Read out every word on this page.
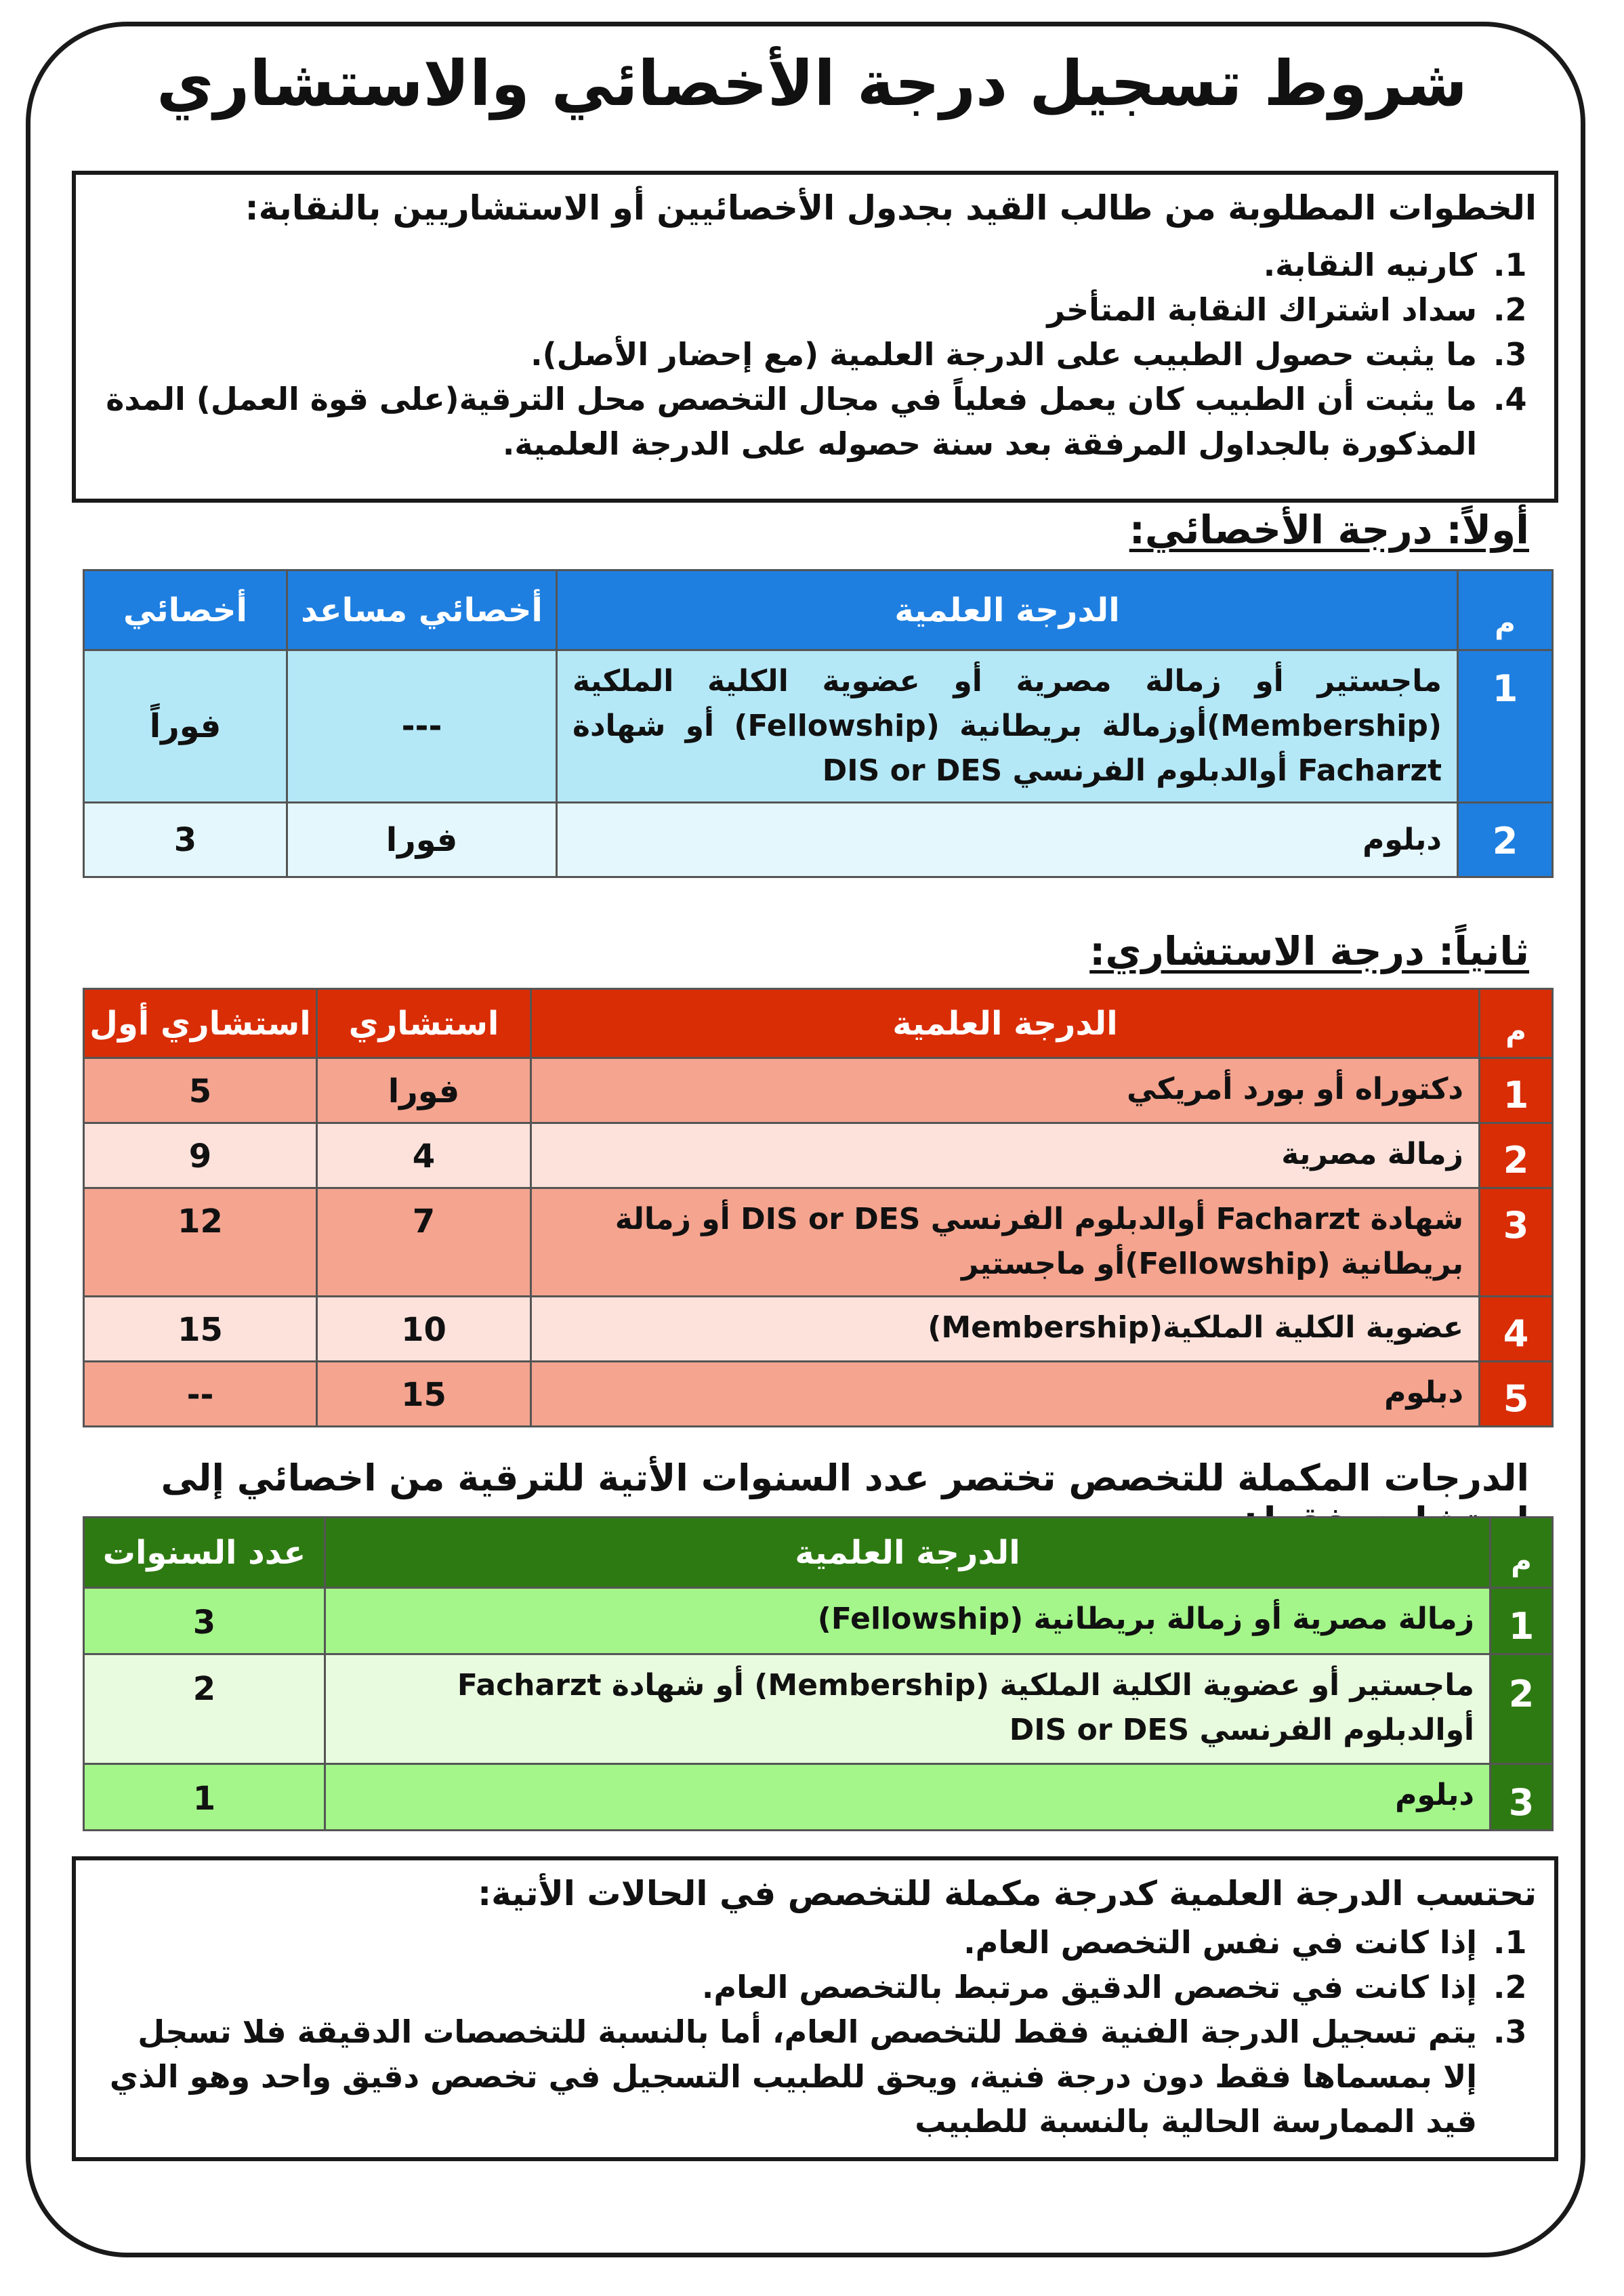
شروط تسجيل درجة الأخصائي والاستشاري
الخطوات المطلوبة من طالب القيد بجدول الأخصائيين أو الاستشاريين بالنقابة:
1. كارنيه النقابة.
2. سداد اشتراك النقابة المتأخر
3. ما يثبت حصول الطبيب على الدرجة العلمية (مع إحضار الأصل).
4. ما يثبت أن الطبيب كان يعمل فعلياً في مجال التخصص محل الترقية(على قوة العمل) المدة المذكورة بالجداول المرفقة بعد سنة حصوله على الدرجة العلمية.
أولاً: درجة الأخصائي:
م	الدرجة العلمية	أخصائي مساعد	أخصائي
1	ماجستير أو زمالة مصرية أو عضوية الكلية الملكية (Membership)أوزمالة بريطانية (Fellowship) أو شهادة Facharzt أوالدبلوم الفرنسي DIS or DES	---	فوراً
2	دبلوم	فورا	3
ثانياً: درجة الاستشاري:
م	الدرجة العلمية	استشاري	استشاري أول
1	دكتوراه أو بورد أمريكي	فورا	5
2	زمالة مصرية	4	9
3	شهادة Facharzt أوالدبلوم الفرنسي DIS or DES أو زمالة بريطانية (Fellowship)أو ماجستير	7	12
4	عضوية الكلية الملكية(Membership)	10	15
5	دبلوم	15	--
الدرجات المكملة للتخصص تختصر عدد السنوات الأتية للترقية من اخصائي إلى
م	الدرجة العلمية	عدد السنوات
1	زمالة مصرية أو زمالة بريطانية (Fellowship)	3
2	ماجستير أو عضوية الكلية الملكية (Membership) أو شهادة Facharzt أوالدبلوم الفرنسي DIS or DES	2
3	دبلوم	1
تحتسب الدرجة العلمية كدرجة مكملة للتخصص في الحالات الأتية:
1. إذا كانت في نفس التخصص العام.
2. إذا كانت في تخصص الدقيق مرتبط بالتخصص العام.
3. يتم تسجيل الدرجة الفنية فقط للتخصص العام، أما بالنسبة للتخصصات الدقيقة فلا تسجل إلا بمسماها فقط دون درجة فنية، ويحق للطبيب التسجيل في تخصص دقيق واحد وهو الذي قيد الممارسة الحالية بالنسبة للطبيب
